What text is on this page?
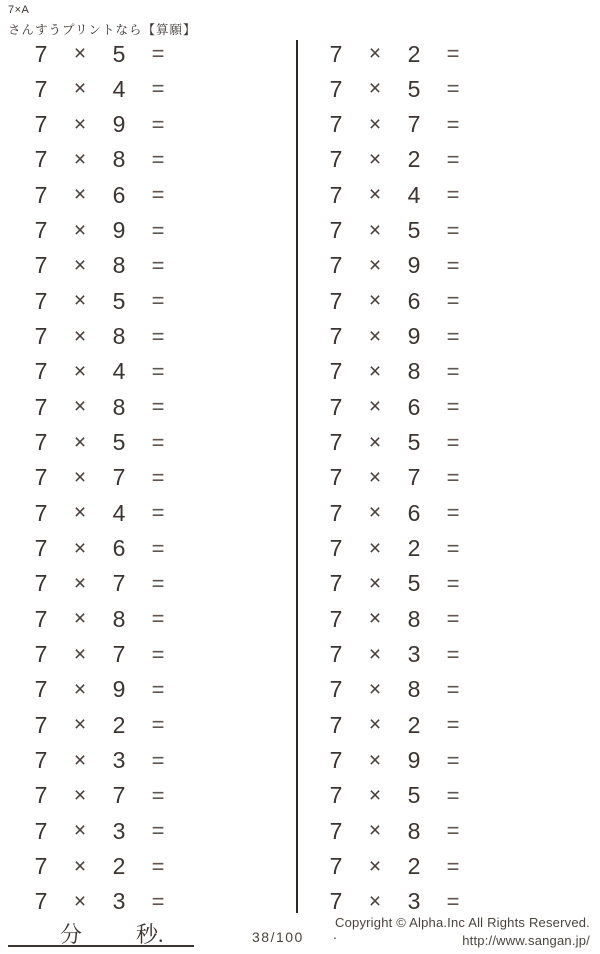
7×A
さんすうプリントなら【算願】
7	×	5	=
7	×	4	=
7	×	9	=
7	×	8	=
7	×	6	=
7	×	9	=
7	×	8	=
7	×	5	=
7	×	8	=
7	×	4	=
7	×	8	=
7	×	5	=
7	×	7	=
7	×	4	=
7	×	6	=
7	×	7	=
7	×	8	=
7	×	7	=
7	×	9	=
7	×	2	=
7	×	3	=
7	×	7	=
7	×	3	=
7	×	2	=
7	×	3	=
7	×	2	=
7	×	5	=
7	×	7	=
7	×	2	=
7	×	4	=
7	×	5	=
7	×	9	=
7	×	6	=
7	×	9	=
7	×	8	=
7	×	6	=
7	×	5	=
7	×	7	=
7	×	6	=
7	×	2	=
7	×	5	=
7	×	8	=
7	×	3	=
7	×	8	=
7	×	2	=
7	×	9	=
7	×	5	=
7	×	8	=
7	×	2	=
7	×	3	=
分 秒.	38/100 .
Copyright © Alpha.Inc All Rights Reserved.
http://www.sangan.jp/
